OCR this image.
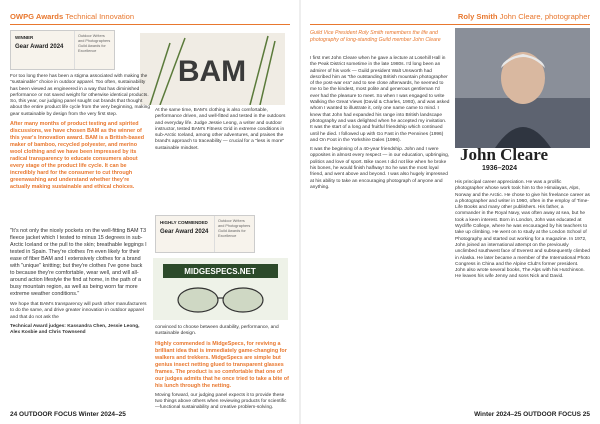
OWPG Awards Technical Innovation
WINNER
Gear Award 2024
Outdoor Writers and Photographers Guild Awards for Excellence
BAM

For too long there has been a stigma associated with making the "sustainable" choice in outdoor apparel. Too often, sustainability has been viewed as engineered in a way that has diminished performance or not saved weight for otherwise identical products. So, this year, our judging panel sought out brands that thought about the entire product life cycle from the very beginning, making gear sustainable by design from the very first step.

After many months of product testing and spirited discussions, we have chosen BAM as the winner of this year's Innovation award. BAM is a British-based maker of bamboo, recycled polyester, and merino wool clothing and we have been impressed by its radical transparency to educate consumers about every stage of the product life cycle. It can be incredibly hard for the consumer to cut through greenwashing and understand whether they're actually making sustainable and ethical choices.

At the same time, BAM's clothing is also comfortable, performance driven, and well-fitted and tested in the outdoors and everyday life. Judge Jessie Leong, a writer and outdoor instructor, tested BAM's Fitness Grid in extreme conditions in sub-Arctic Iceland, among other adventures, and praises the brand's approach to traceability — crucial for a "less is more" sustainable mindset.

HIGHLY COMMENDED
Gear Award 2024
Outdoor Writers and Photographers Guild Awards for Excellence
MIDGESPECS.NET

"It's not only the nicely pockets on the well-fitting BAM T3 fleece jacket which I tested to minus 15 degrees in sub-Arctic Iceland or the pull to the skin; breathable leggings I tested in Spain. They're clothes I'm even likely for their ease of fiber BAM and I extensively clothes for a brand with "unique" knitting; but they're clothes I've gone back to because they're comfortable, wear well, and will all-around action lifestyle the find at home, in the path of a busy mountain region, as well as being worn far more extreme weather conditions."

We hope that BAM's transparency will push other manufacturers to do the same, and drive greater innovation in outdoor apparel and that do not ask the

Technical Award judges: Kassandra Chen, Jessie Leong, Alex Kosbie and Chris Townsend

convinced to choose between durability, performance, and sustainable design.

Highly commended is MidgeSpecs, for reviving a brilliant idea that is immediately game-changing for walkers and trekkers. MidgeSpecs are simple but genius insect netting glued to transparent glasses frames. The product is so comfortable that one of our judges admits that he once tried to take a bite of his lunch through the netting.

Moving forward, our judging panel expects it to provide these two things above others when reviewing products for scientific—functional sustainability and creative problem-solving.

24 OUTDOOR FOCUS Winter 2024–25
Roly Smith John Cleare, photographer
Guild Vice President Roly Smith remembers the life and photography of long-standing Guild member John Cleare
John Cleare
1936–2024

I first met John Cleare when he gave a lecture at Losehill Hall in the Peak District sometime in the late 1980s. I'd long been an admirer of his work — Guild president Walt Unsworth had described him as "the outstanding British mountain photographer of the post-war era" and to see close afterwards, he seemed to me to be the kindest, most polite and generous gentleman I'd ever had the pleasure to meet. So when I was engaged to write Walking the Great Views (David & Charles, 1993), and was asked whom I wanted to illustrate it, only one name came to mind. I knew that John had expanded his range into British landscape photography and was delighted when he accepted my invitation. It was the start of a long and fruitful friendship which continued until he died. I followed up with Go Fast in the Pennines (1996) and On Foot in the Yorkshire Dales (1996).

It was the beginning of a 40-year friendship. John and I were opposites in almost every respect — in our education, upbringing, politics and love of sport. Bike races I did not like when he broke his bones, he would finish halfway! So he was the most loyal friend, and went above and beyond. I was also hugely impressed at his ability to take an encouraging photograph of anyone and anything.

His principal career appreciation. He was a prolific photographer whose work took him to the Himalayas, Alps, Norway and the Arctic. He chose to give his freelance career as a photographer and writer in 1960, often in the employ of Time-Life Books and many other publishers. His father, a commander in the Royal Navy, was often away at sea, but he took a keen interest. Born in London, John was educated at Wycliffe College, where he was encouraged by his teachers to take up climbing. He went on to study at the London School of Photography and started out working for a magazine. In 1972, John joined an international attempt on the previously unclimbed southwest face of Everest and subsequently climbed in Alaska. He later became a member of the International Photo Congress in China and the Alpine Club's former president. John also wrote several books, The Alps with his Hutchinson. He leaves his wife Jenny and sons Nick and David.

Winter 2024–25 OUTDOOR FOCUS 25
